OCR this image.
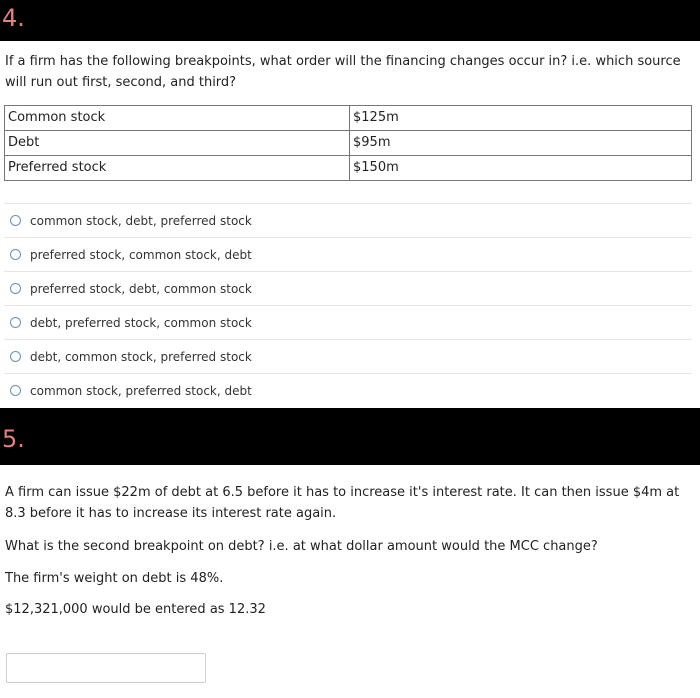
4.
If a firm has the following breakpoints, what order will the financing changes occur in? i.e. which source will run out first, second, and third?
Common stock	$125m
Debt	$95m
Preferred stock	$150m
common stock, debt, preferred stock
preferred stock, common stock, debt
preferred stock, debt, common stock
debt, preferred stock, common stock
debt, common stock, preferred stock
common stock, preferred stock, debt
5.
A firm can issue $22m of debt at 6.5 before it has to increase it's interest rate. It can then issue $4m at 8.3 before it has to increase its interest rate again.
What is the second breakpoint on debt? i.e. at what dollar amount would the MCC change?
The firm's weight on debt is 48%.
$12,321,000 would be entered as 12.32
